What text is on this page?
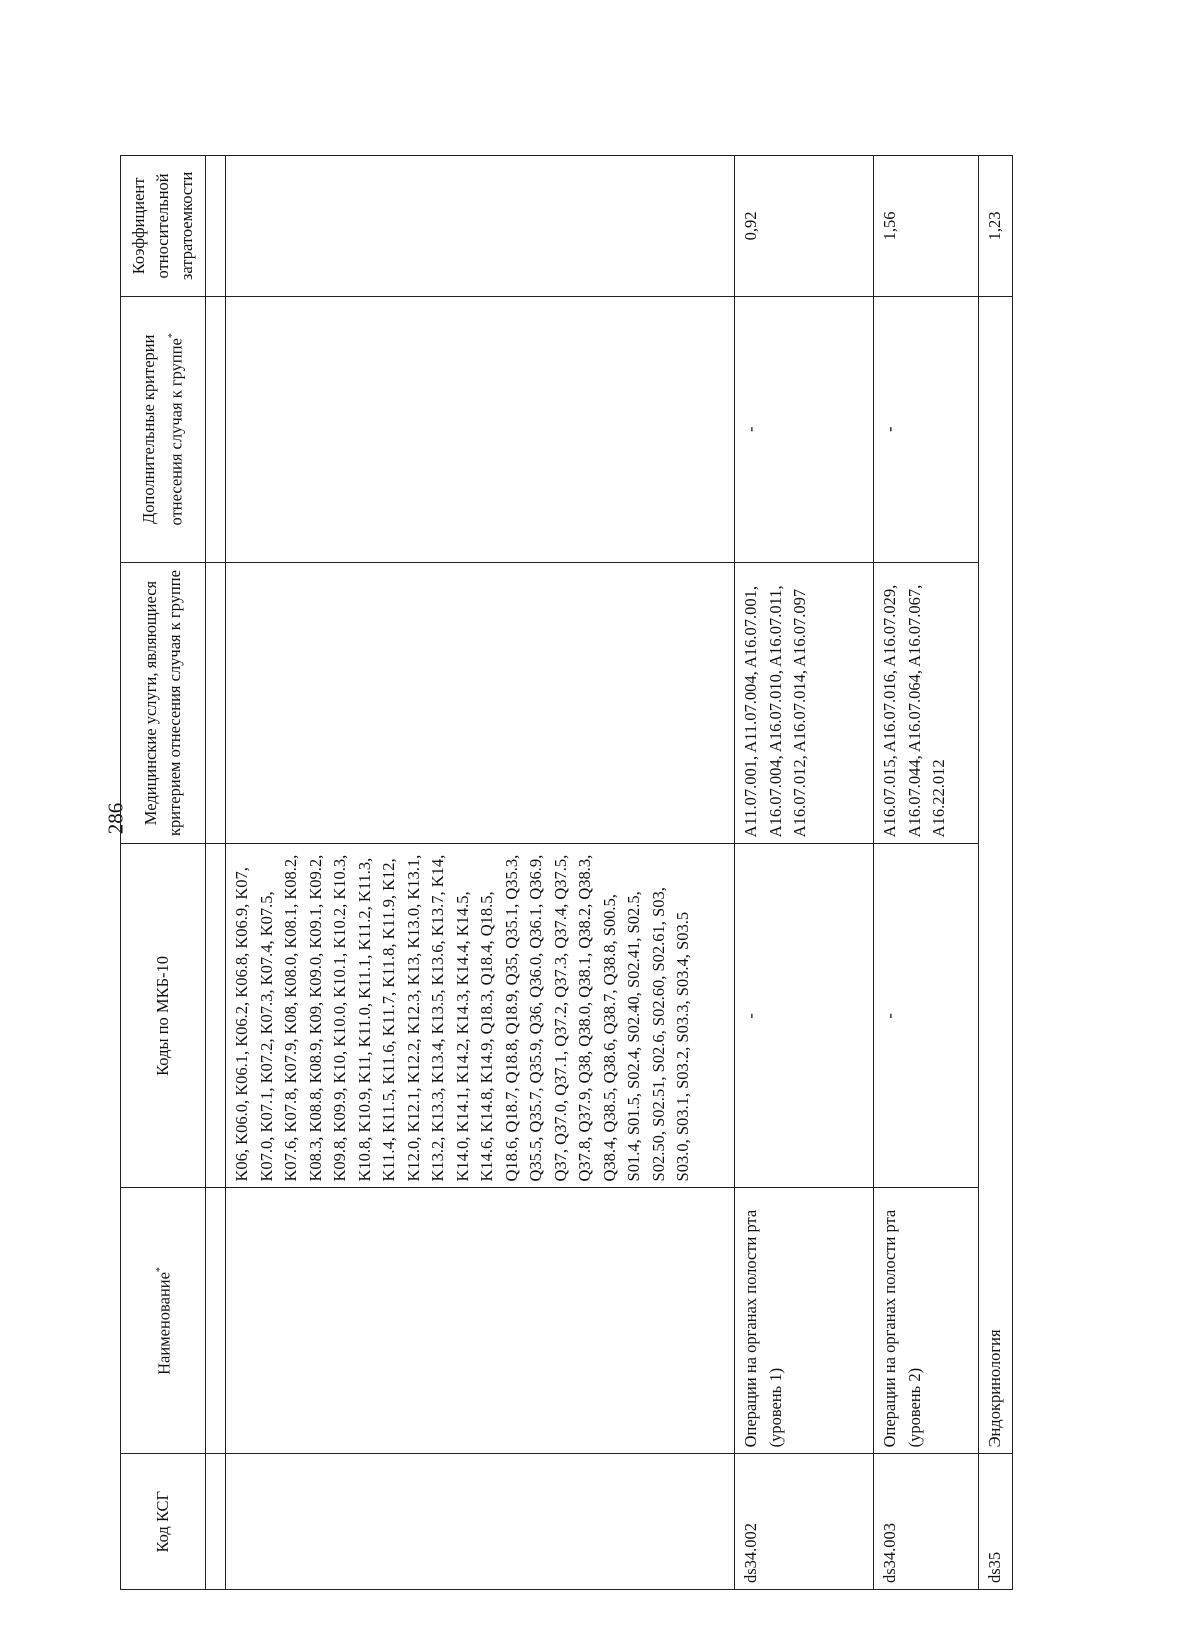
286
Код КСГ	Наименование*	Коды по МКБ-10	Медицинские услуги, являющиеся критерием отнесения случая к группе	Дополнительные критерии отнесения случая к группе*	Коэффициент относительной затратоемкости

		K06, K06.0, K06.1, K06.2, K06.8, K06.9, K07, K07.0, K07.1, K07.2, K07.3, K07.4, K07.5, K07.6, K07.8, K07.9, K08, K08.0, K08.1, K08.2, K08.3, K08.8, K08.9, K09, K09.0, K09.1, K09.2, K09.8, K09.9, K10, K10.0, K10.1, K10.2, K10.3, K10.8, K10.9, K11, K11.0, K11.1, K11.2, K11.3, K11.4, K11.5, K11.6, K11.7, K11.8, K11.9, K12, K12.0, K12.1, K12.2, K12.3, K13, K13.0, K13.1, K13.2, K13.3, K13.4, K13.5, K13.6, K13.7, K14, K14.0, K14.1, K14.2, K14.3, K14.4, K14.5, K14.6, K14.8, K14.9, Q18.3, Q18.4, Q18.5, Q18.6, Q18.7, Q18.8, Q18.9, Q35, Q35.1, Q35.3, Q35.5, Q35.7, Q35.9, Q36, Q36.0, Q36.1, Q36.9, Q37, Q37.0, Q37.1, Q37.2, Q37.3, Q37.4, Q37.5, Q37.8, Q37.9, Q38, Q38.0, Q38.1, Q38.2, Q38.3, Q38.4, Q38.5, Q38.6, Q38.7, Q38.8, S00.5, S01.4, S01.5, S02.4, S02.40, S02.41, S02.5, S02.50, S02.51, S02.6, S02.60, S02.61, S03, S03.0, S03.1, S03.2, S03.3, S03.4, S03.5			
ds34.002	Операции на органах полости рта (уровень 1)	-	A11.07.001, A11.07.004, A16.07.001, A16.07.004, A16.07.010, A16.07.011, A16.07.012, A16.07.014, A16.07.097	-	0,92
ds34.003	Операции на органах полости рта (уровень 2)	-	A16.07.015, A16.07.016, A16.07.029, A16.07.044, A16.07.064, A16.07.067, A16.22.012	-	1,56
ds35	Эндокринология				1,23
